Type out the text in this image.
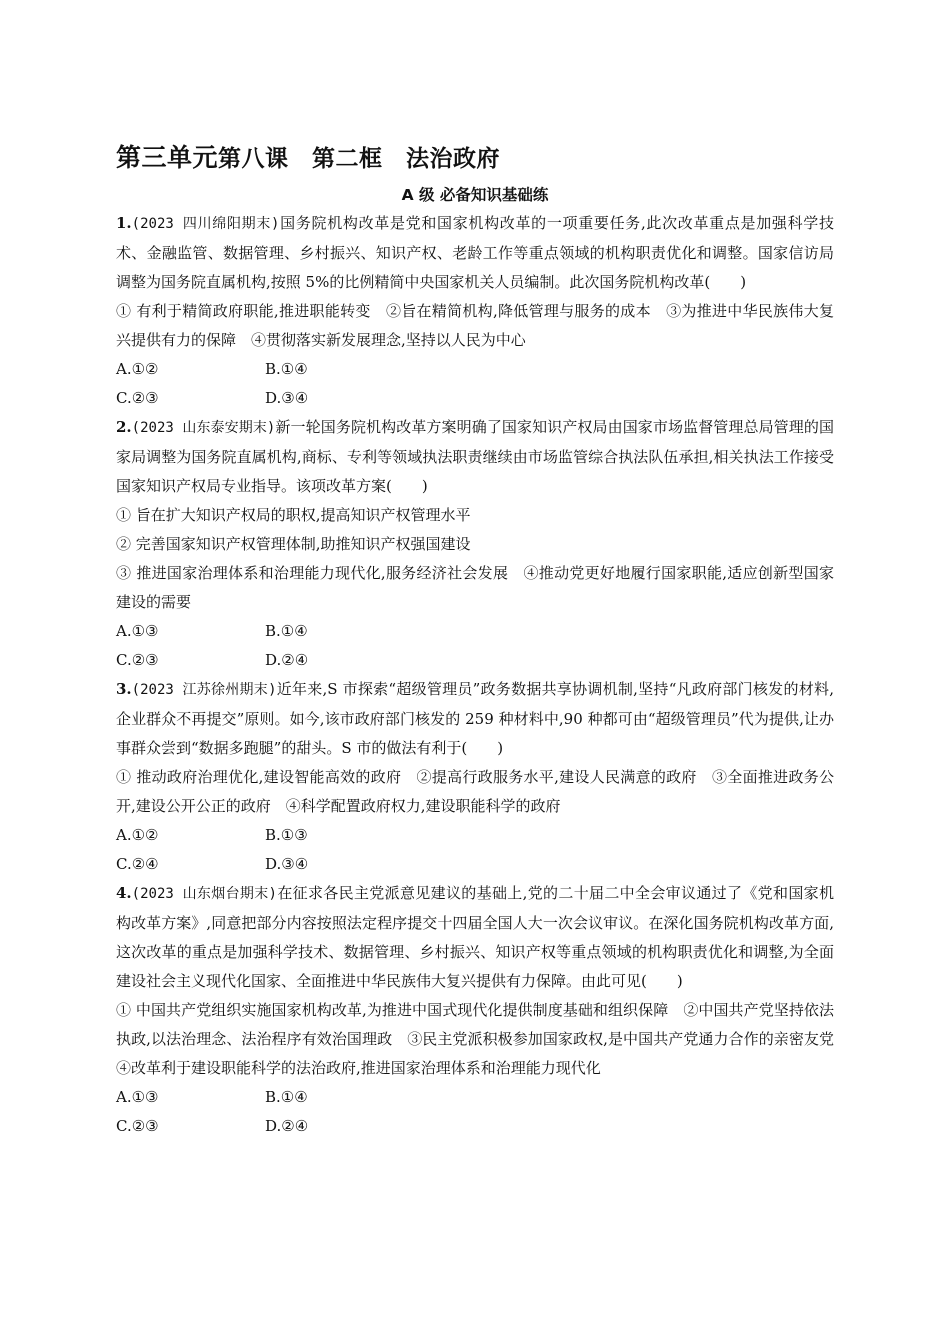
第三单元第八课　 第二框　 法治政府
A 级 必备知识基础练

1.(2023 四川绵阳期末)国务院机构改革是党和国家机构改革的一项重要任务,此次改革重点是加强科学技术、金融监管、数据管理、乡村振兴、知识产权、老龄工作等重点领域的机构职责优化和调整。国家信访局调整为国务院直属机构,按照 5%的比例精简中央国家机关人员编制。此次国务院机构改革(　　)

① 有利于精简政府职能,推进职能转变　②旨在精简机构,降低管理与服务的成本　③为推进中华民族伟大复兴提供有力的保障　④贯彻落实新发展理念,坚持以人民为中心

A.①②	B.①④
C.②③	D.③④

2.(2023 山东泰安期末)新一轮国务院机构改革方案明确了国家知识产权局由国家市场监督管理总局管理的国家局调整为国务院直属机构,商标、专利等领域执法职责继续由市场监管综合执法队伍承担,相关执法工作接受国家知识产权局专业指导。该项改革方案(　　)

① 旨在扩大知识产权局的职权,提高知识产权管理水平

② 完善国家知识产权管理体制,助推知识产权强国建设

③ 推进国家治理体系和治理能力现代化,服务经济社会发展　④推动党更好地履行国家职能,适应创新型国家建设的需要

A.①③	B.①④
C.②③	D.②④

3.(2023 江苏徐州期末)近年来,S 市探索“超级管理员”政务数据共享协调机制,坚持“凡政府部门核发的材料,企业群众不再提交”原则。如今,该市政府部门核发的 259 种材料中,90 种都可由“超级管理员”代为提供,让办事群众尝到“数据多跑腿”的甜头。S 市的做法有利于(　　)

① 推动政府治理优化,建设智能高效的政府　②提高行政服务水平,建设人民满意的政府　③全面推进政务公开,建设公开公正的政府　④科学配置政府权力,建设职能科学的政府

A.①②	B.①③
C.②④	D.③④

4.(2023 山东烟台期末)在征求各民主党派意见建议的基础上,党的二十届二中全会审议通过了《党和国家机构改革方案》,同意把部分内容按照法定程序提交十四届全国人大一次会议审议。在深化国务院机构改革方面,这次改革的重点是加强科学技术、数据管理、乡村振兴、知识产权等重点领域的机构职责优化和调整,为全面建设社会主义现代化国家、全面推进中华民族伟大复兴提供有力保障。由此可见(　　)

① 中国共产党组织实施国家机构改革,为推进中国式现代化提供制度基础和组织保障　②中国共产党坚持依法执政,以法治理念、法治程序有效治国理政　③民主党派积极参加国家政权,是中国共产党通力合作的亲密友党　④改革利于建设职能科学的法治政府,推进国家治理体系和治理能力现代化

A.①③	B.①④
C.②③	D.②④
